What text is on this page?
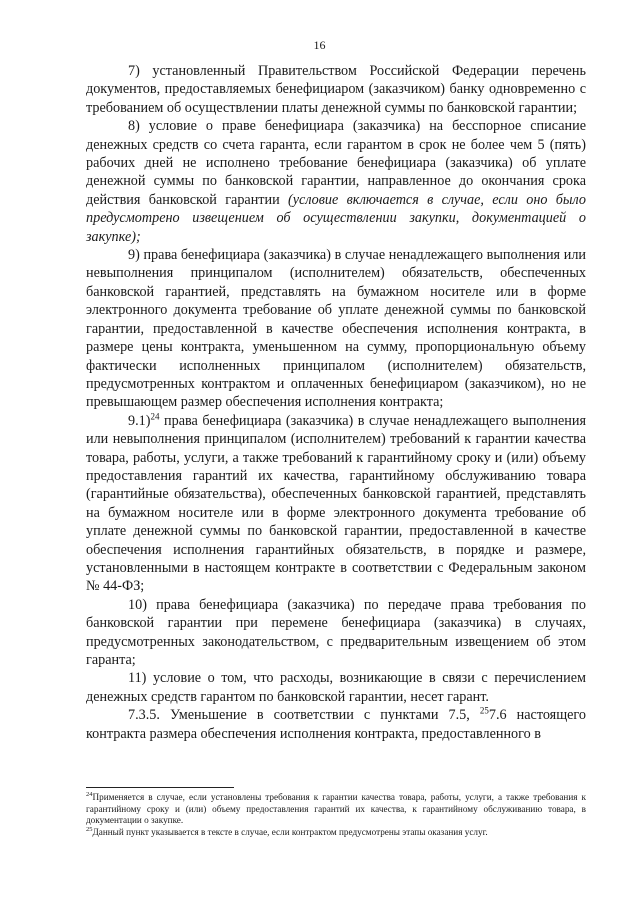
16

7) установленный Правительством Российской Федерации перечень документов, предоставляемых бенефициаром (заказчиком) банку одновременно с требованием об осуществлении платы денежной суммы по банковской гарантии;

8) условие о праве бенефициара (заказчика) на бесспорное списание денежных средств со счета гаранта, если гарантом в срок не более чем 5 (пять) рабочих дней не исполнено требование бенефициара (заказчика) об уплате денежной суммы по банковской гарантии, направленное до окончания срока действия банковской гарантии (условие включается в случае, если оно было предусмотрено извещением об осуществлении закупки, документацией о закупке);

9) права бенефициара (заказчика) в случае ненадлежащего выполнения или невыполнения принципалом (исполнителем) обязательств, обеспеченных банковской гарантией, представлять на бумажном носителе или в форме электронного документа требование об уплате денежной суммы по банковской гарантии, предоставленной в качестве обеспечения исполнения контракта, в размере цены контракта, уменьшенном на сумму, пропорциональную объему фактически исполненных принципалом (исполнителем) обязательств, предусмотренных контрактом и оплаченных бенефициаром (заказчиком), но не превышающем размер обеспечения исполнения контракта;

9.1)$^{24}$ права бенефициара (заказчика) в случае ненадлежащего выполнения или невыполнения принципалом (исполнителем) требований к гарантии качества товара, работы, услуги, а также требований к гарантийному сроку и (или) объему предоставления гарантий их качества, гарантийному обслуживанию товара (гарантийные обязательства), обеспеченных банковской гарантией, представлять на бумажном носителе или в форме электронного документа требование об уплате денежной суммы по банковской гарантии, предоставленной в качестве обеспечения исполнения гарантийных обязательств, в порядке и размере, установленными в настоящем контракте в соответствии с Федеральным законом № 44-ФЗ;

10) права бенефициара (заказчика) по передаче права требования по банковской гарантии при перемене бенефициара (заказчика) в случаях, предусмотренных законодательством, с предварительным извещением об этом гаранта;

11) условие о том, что расходы, возникающие в связи с перечислением денежных средств гарантом по банковской гарантии, несет гарант.

7.3.5. Уменьшение в соответствии с пунктами 7.5, $^{25}$7.6 настоящего контракта размера обеспечения исполнения контракта, предоставленного в

$^{24}$Применяется в случае, если установлены требования к гарантии качества товара, работы, услуги, а также требования к гарантийному сроку и (или) объему предоставления гарантий их качества, к гарантийному обслуживанию товара, в документации о закупке.

$^{25}$Данный пункт указывается в тексте в случае, если контрактом предусмотрены этапы оказания услуг.
